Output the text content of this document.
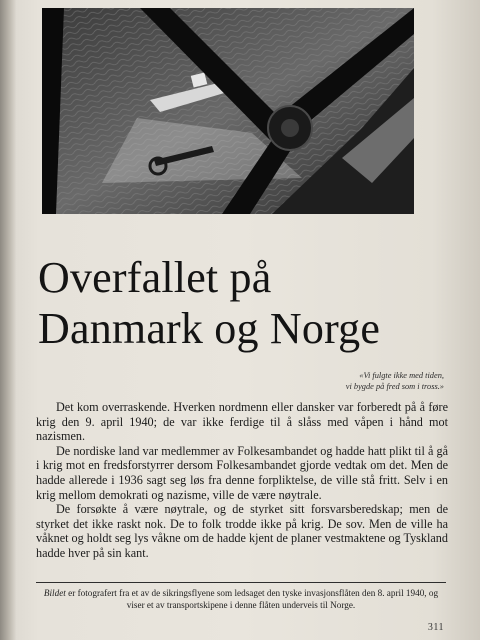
Overfallet på
Danmark og Norge
«Vi fulgte ikke med tiden,
vi bygde på fred som i tross.»

Det kom overraskende. Hverken nordmenn eller dansker var forberedt på å føre krig den 9. april 1940; de var ikke ferdige til å slåss med våpen i hånd mot nazismen.

De nordiske land var medlemmer av Folkesambandet og hadde hatt plikt til å gå i krig mot en fredsforstyrrer dersom Folkesambandet gjorde vedtak om det. Men de hadde allerede i 1936 sagt seg løs fra denne forpliktelse, de ville stå fritt. Selv i en krig mellom demokrati og nazisme, ville de være nøytrale.

De forsøkte å være nøytrale, og de styrket sitt forsvarsberedskap; men de styrket det ikke raskt nok. De to folk trodde ikke på krig. De sov. Men de ville ha våknet og holdt seg lys våkne om de hadde kjent de planer vestmaktene og Tyskland hadde hver på sin kant.

Bildet er fotografert fra et av de sikringsflyene som ledsaget den tyske invasjonsflåten den 8. april 1940, og viser et av transportskipene i denne flåten underveis til Norge.
311
